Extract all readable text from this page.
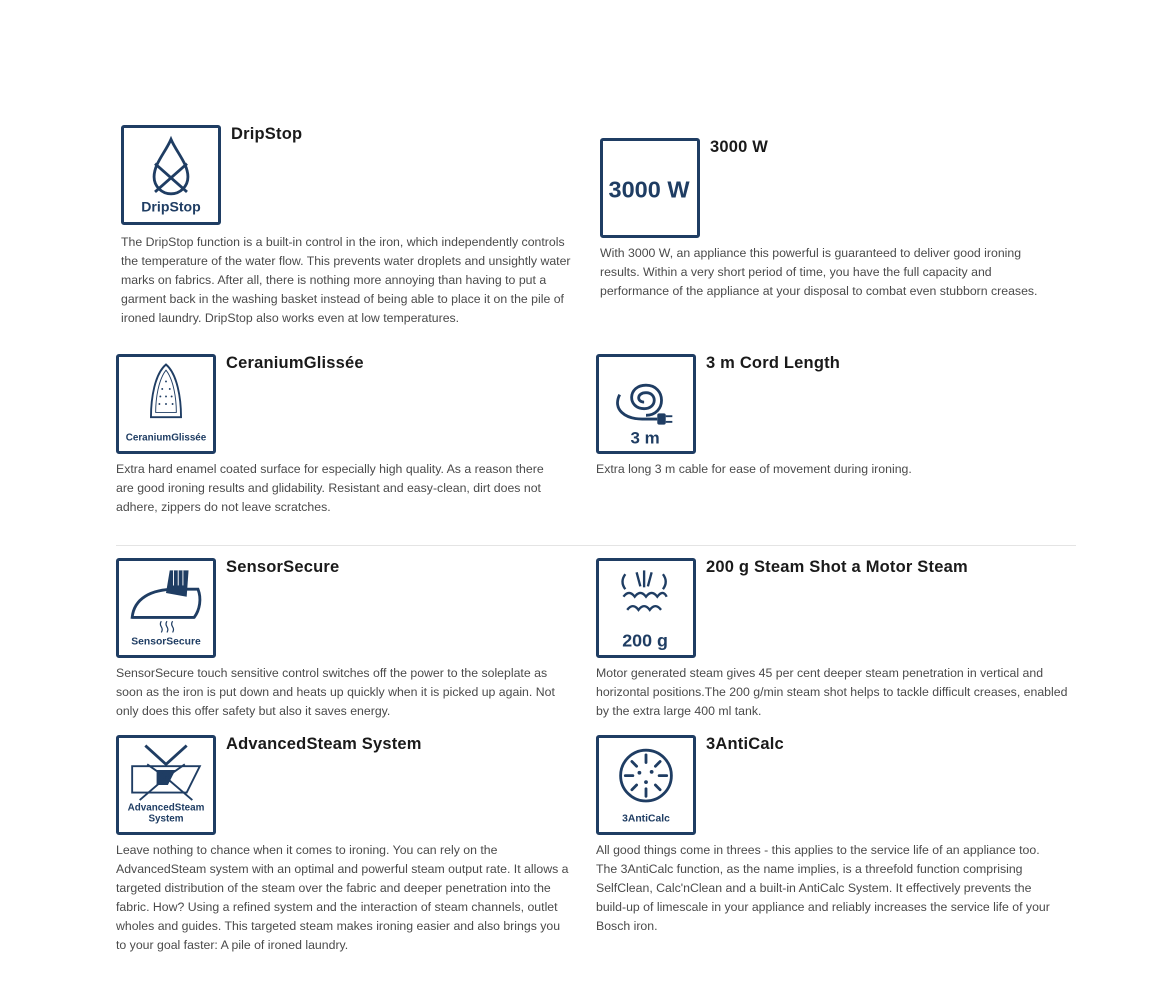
DripStop
DripStop

The DripStop function is a built-in control in the iron, which independently controls the temperature of the water flow. This prevents water droplets and unsightly water marks on fabrics. After all, there is nothing more annoying than having to put a garment back in the washing basket instead of being able to place it on the pile of ironed laundry. DripStop also works even at low temperatures.

3000 W
3000 W

With 3000 W, an appliance this powerful is guaranteed to deliver good ironing results. Within a very short period of time, you have the full capacity and performance of the appliance at your disposal to combat even stubborn creases.

CeraniumGlissée
CeraniumGlissée

Extra hard enamel coated surface for especially high quality. As a reason there are good ironing results and glidability. Resistant and easy-clean, dirt does not adhere, zippers do not leave scratches.

3 m
3 m Cord Length

Extra long 3 m cable for ease of movement during ironing.

SensorSecure
SensorSecure

SensorSecure touch sensitive control switches off the power to the soleplate as soon as the iron is put down and heats up quickly when it is picked up again. Not only does this offer safety but also it saves energy.

200 g
200 g Steam Shot a Motor Steam

Motor generated steam gives 45 per cent deeper steam penetration in vertical and horizontal positions.The 200 g/min steam shot helps to tackle difficult creases, enabled by the extra large 400 ml tank.

AdvancedSteam
System
AdvancedSteam System

Leave nothing to chance when it comes to ironing. You can rely on the AdvancedSteam system with an optimal and powerful steam output rate. It allows a targeted distribution of the steam over the fabric and deeper penetration into the fabric. How? Using a refined system and the interaction of steam channels, outlet wholes and guides. This targeted steam makes ironing easier and also brings you to your goal faster: A pile of ironed laundry.

3AntiCalc
3AntiCalc

All good things come in threes - this applies to the service life of an appliance too. The 3AntiCalc function, as the name implies, is a threefold function comprising SelfClean, Calc'nClean and a built-in AntiCalc System. It effectively prevents the build-up of limescale in your appliance and reliably increases the service life of your Bosch iron.
